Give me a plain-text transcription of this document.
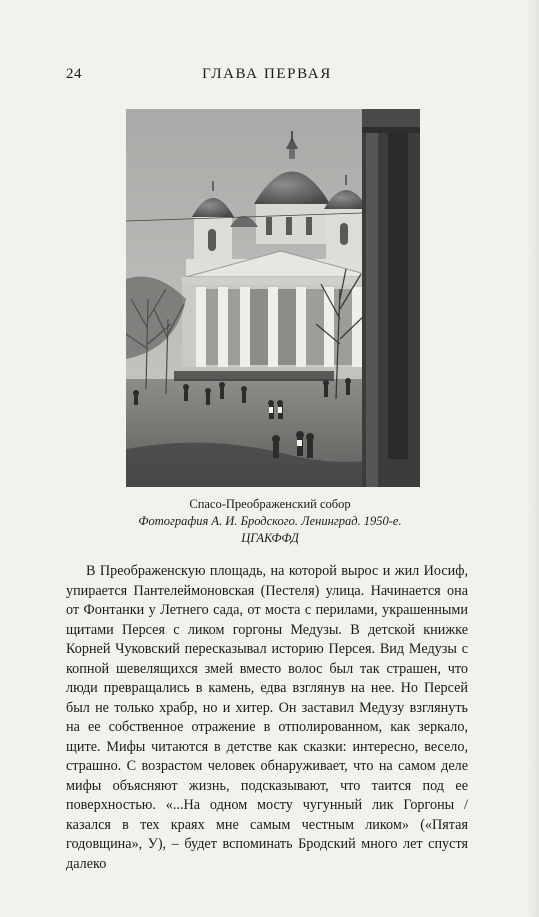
24	ГЛАВА ПЕРВАЯ
Спасо-Преображенский собор
Фотография А. И. Бродского. Ленинград. 1950-е.
ЦГАКФФД

В Преображенскую площадь, на которой вырос и жил Иосиф, упирается Пантелеймоновская (Пестеля) улица. Начинается она от Фонтанки у Летнего сада, от моста с перилами, украшенными щитами Персея с ликом горгоны Медузы. В детской книжке Корней Чуковский пересказывал историю Персея. Вид Медузы с копной шевелящихся змей вместо волос был так страшен, что люди превращались в камень, едва взглянув на нее. Но Персей был не только храбр, но и хитер. Он заставил Медузу взглянуть на ее собственное отражение в отполированном, как зеркало, щите. Мифы читаются в детстве как сказки: интересно, весело, страшно. С возрастом человек обнаруживает, что на самом деле мифы объясняют жизнь, подсказывают, что таится под ее поверхностью. «...На одном мосту чугунный лик Горгоны / казался в тех краях мне самым честным ликом» («Пятая годовщина», У), – будет вспоминать Бродский много лет спустя далеко
